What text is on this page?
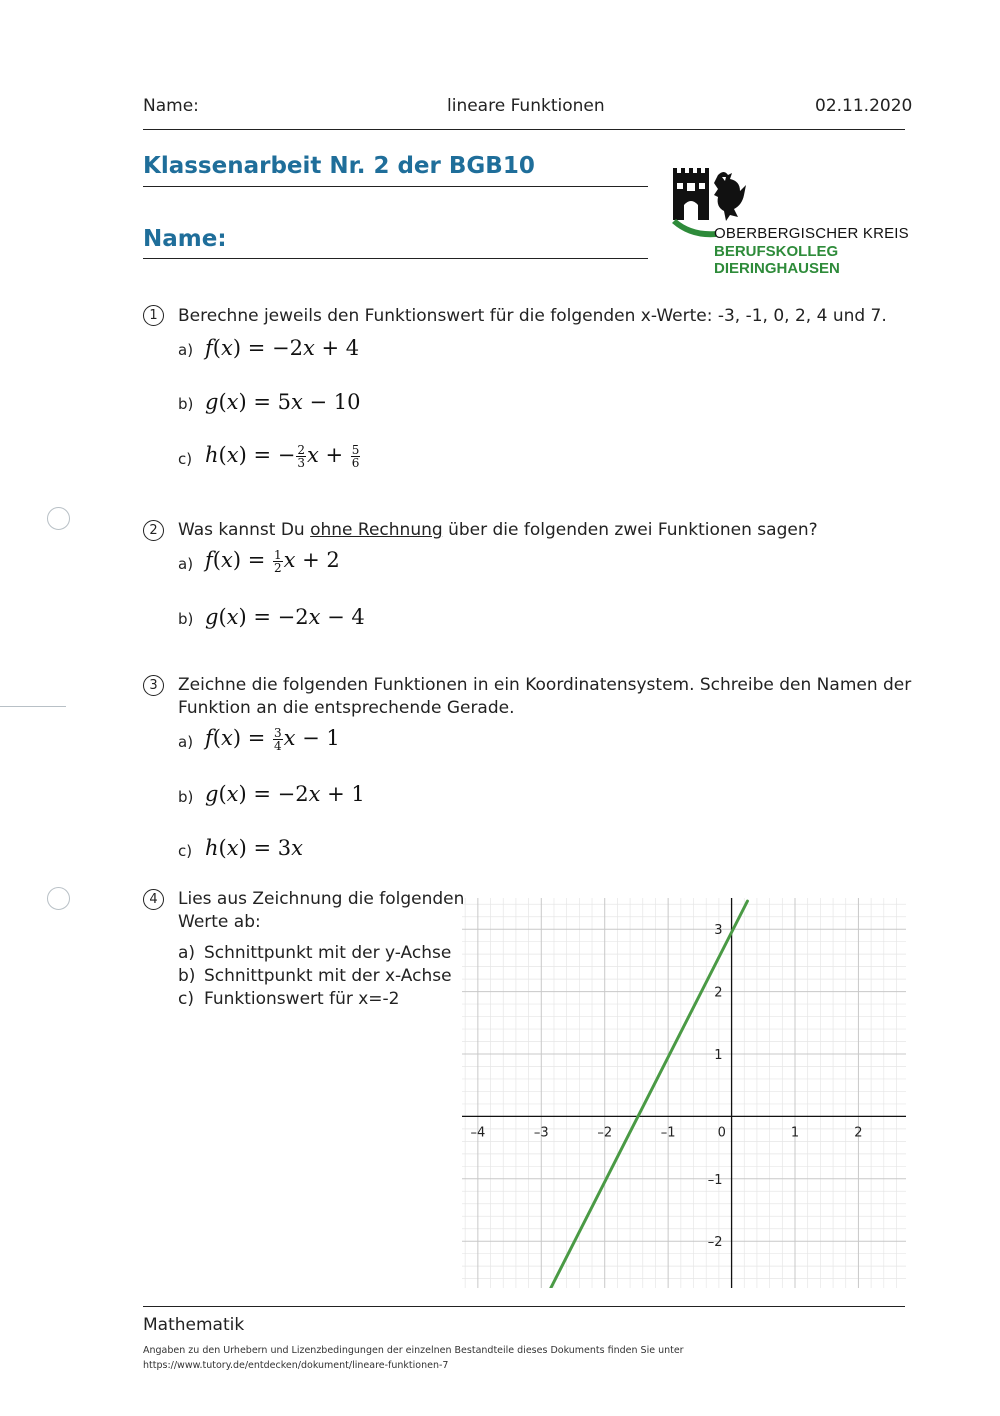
Name:	lineare Funktionen	02.11.2020
Klassenarbeit Nr. 2 der BGB10
Name:	OBERBERGISCHER KREIS
BERUFSKOLLEG
DIERINGHAUSEN
1	Berechne jeweils den Funktionswert für die folgenden x-Werte: -3, -1, 0, 2, 4 und 7.
a) f(x) = −2x + 4
b) g(x) = 5x − 10
c) h(x) = − $\frac{2}{3}$ $x + \frac{5}{6}$
2	Was kannst Du ohne Rechnung über die folgenden zwei Funktionen sagen?
a) $f(x) = \frac{1}{2}$ x + 2
b) g(x) = −2x − 4
3	Zeichne die folgenden Funktionen in ein Koordinatensystem. Schreibe den Namen der
Funktion an die entsprechende Gerade.
a) $f(x) = \frac{3}{4}$ x − 1
b) g(x) = −2x + 1
c) h(x) = 3x
4	Lies aus Zeichnung die folgenden
Werte ab:
a) Schnittpunkt mit der y-Achse
b) Schnittpunkt mit der x-Achse
c) Funktionswert für x=-2
–4	–3	–2	–1	0	1	2
3
2
1
–1
–2
Mathematik
Angaben zu den Urhebern und Lizenzbedingungen der einzelnen Bestandteile dieses Dokuments finden Sie unter
https://www.tutory.de/entdecken/dokument/lineare-funktionen-7
